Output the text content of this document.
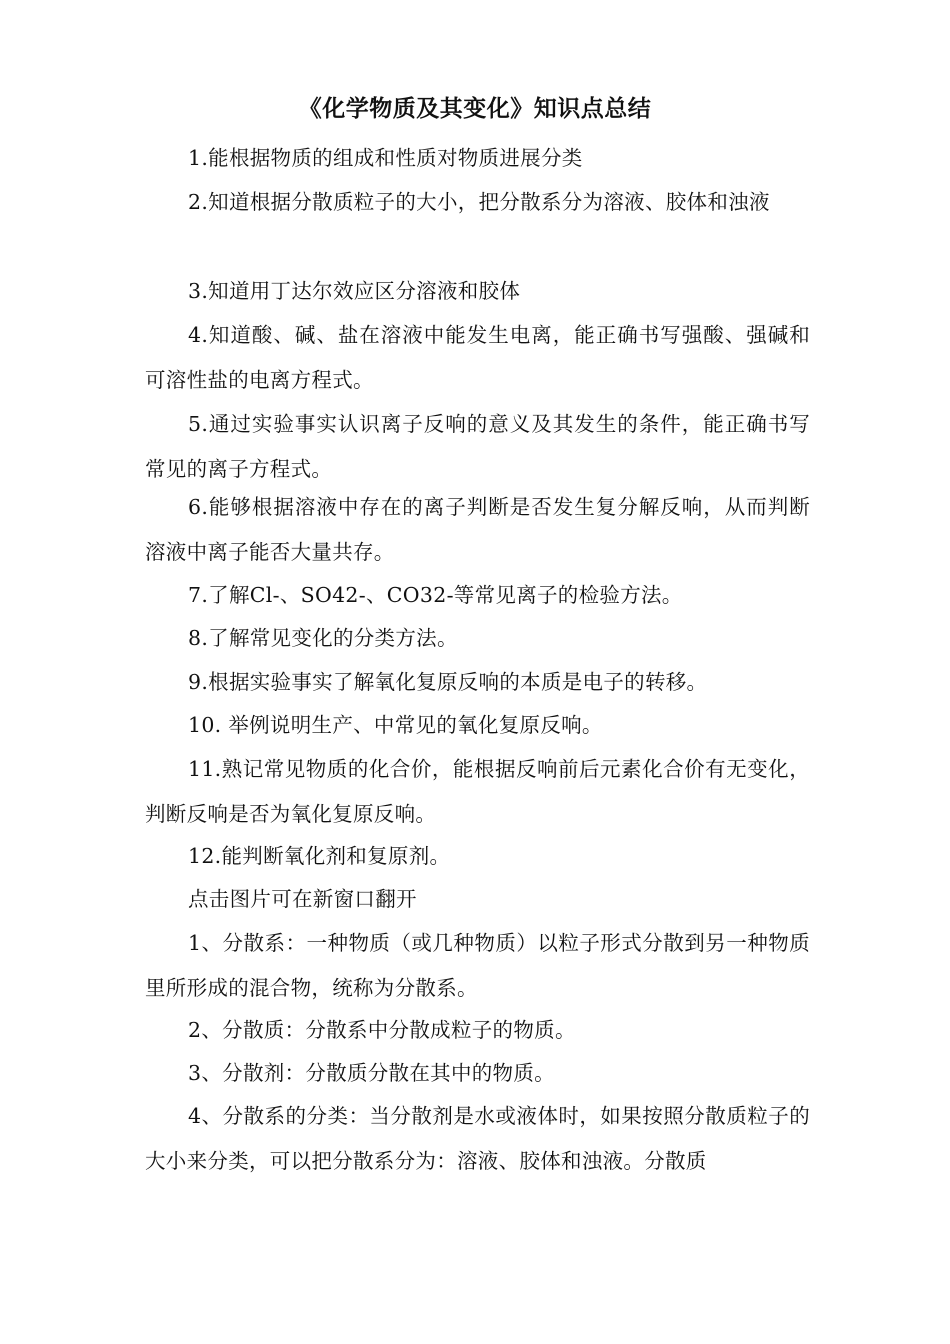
《化学物质及其变化》知识点总结

1.能根据物质的组成和性质对物质进展分类

2.知道根据分散质粒子的大小，把分散系分为溶液、胶体和浊液

3.知道用丁达尔效应区分溶液和胶体

4.知道酸、碱、盐在溶液中能发生电离，能正确书写强酸、强碱和可溶性盐的电离方程式。

5.通过实验事实认识离子反响的意义及其发生的条件，能正确书写常见的离子方程式。

6.能够根据溶液中存在的离子判断是否发生复分解反响，从而判断溶液中离子能否大量共存。

7.了解Cl-、SO42-、CO32-等常见离子的检验方法。

8.了解常见变化的分类方法。

9.根据实验事实了解氧化复原反响的本质是电子的转移。

10. 举例说明生产、中常见的氧化复原反响。

11.熟记常见物质的化合价，能根据反响前后元素化合价有无变化，判断反响是否为氧化复原反响。

12.能判断氧化剂和复原剂。

点击图片可在新窗口翻开

1、分散系：一种物质（或几种物质）以粒子形式分散到另一种物质里所形成的混合物，统称为分散系。

2、分散质：分散系中分散成粒子的物质。

3、分散剂：分散质分散在其中的物质。

4、分散系的分类：当分散剂是水或液体时，如果按照分散质粒子的大小来分类，可以把分散系分为：溶液、胶体和浊液。分散质
